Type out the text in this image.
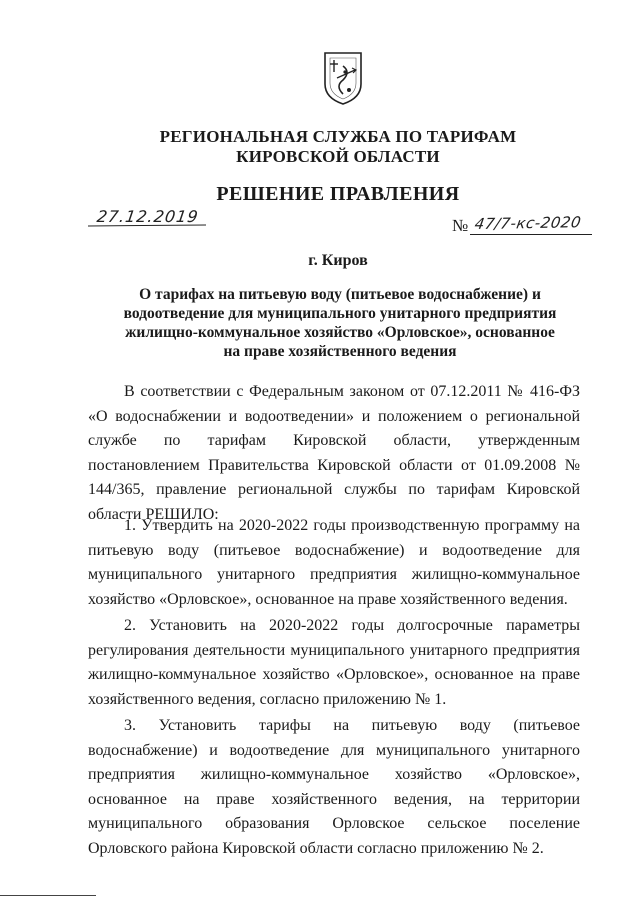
РЕГИОНАЛЬНАЯ СЛУЖБА ПО ТАРИФАМ
КИРОВСКОЙ ОБЛАСТИ
РЕШЕНИЕ ПРАВЛЕНИЯ
27.12.2019	№ 47/7-кс-2020
г. Киров
О тарифах на питьевую воду (питьевое водоснабжение) и водоотведение для муниципального унитарного предприятия жилищно-коммунальное хозяйство «Орловское», основанное на праве хозяйственного ведения
В соответствии с Федеральным законом от 07.12.2011 № 416-ФЗ «О водоснабжении и водоотведении» и положением о региональной службе по тарифам Кировской области, утвержденным постановлением Правительства Кировской области от 01.09.2008 № 144/365, правление региональной службы по тарифам Кировской области РЕШИЛО:
1. Утвердить на 2020-2022 годы производственную программу на питьевую воду (питьевое водоснабжение) и водоотведение для муниципального унитарного предприятия жилищно-коммунальное хозяйство «Орловское», основанное на праве хозяйственного ведения.
2. Установить на 2020-2022 годы долгосрочные параметры регулирования деятельности муниципального унитарного предприятия жилищно-коммунальное хозяйство «Орловское», основанное на праве хозяйственного ведения, согласно приложению № 1.
3. Установить тарифы на питьевую воду (питьевое водоснабжение) и водоотведение для муниципального унитарного предприятия жилищно-коммунальное хозяйство «Орловское», основанное на праве хозяйственного ведения, на территории муниципального образования Орловское сельское поселение Орловского района Кировской области согласно приложению № 2.
